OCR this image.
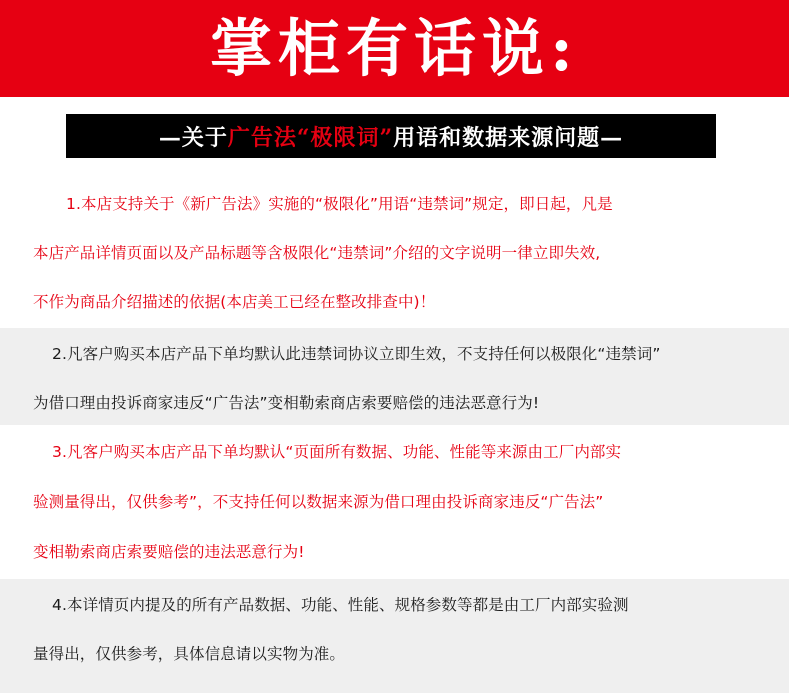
掌柜有话说:
—关于 广告法“极限词” 用语和数据来源问题—
1.本店支持关于《新广告法》实施的“极限化”用语“违禁词”规定，即日起，凡是
本店产品详情页面以及产品标题等含极限化“违禁词”介绍的文字说明一律立即失效,
不作为商品介绍描述的依据(本店美工已经在整改排查中)！
2.凡客户购买本店产品下单均默认此违禁词协议立即生效，不支持任何以极限化“违禁词”
为借口理由投诉商家违反“广告法”变相勒索商店索要赔偿的违法恶意行为!
3.凡客户购买本店产品下单均默认“页面所有数据、功能、性能等来源由工厂内部实
验测量得出，仅供参考”，不支持任何以数据来源为借口理由投诉商家违反“广告法”
变相勒索商店索要赔偿的违法恶意行为!
4.本详情页内提及的所有产品数据、功能、性能、规格参数等都是由工厂内部实验测
量得出，仅供参考，具体信息请以实物为准。
